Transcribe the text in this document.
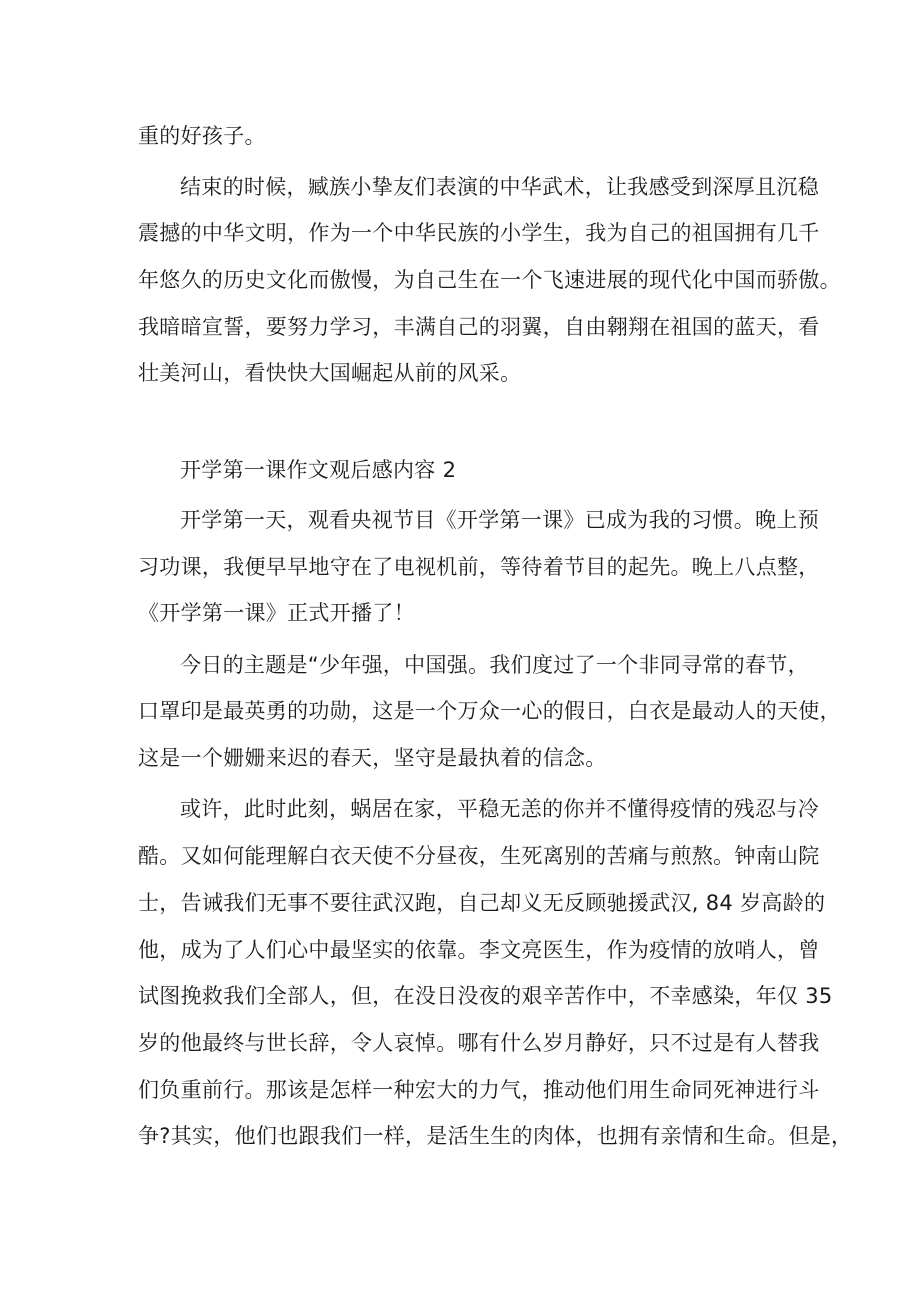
重的好孩子。
结束的时候，臧族小挚友们表演的中华武术，让我感受到深厚且沉稳
震撼的中华文明，作为一个中华民族的小学生，我为自己的祖国拥有几千
年悠久的历史文化而傲慢，为自己生在一个飞速进展的现代化中国而骄傲。
我暗暗宣誓，要努力学习，丰满自己的羽翼，自由翱翔在祖国的蓝天，看
壮美河山，看快快大国崛起从前的风采。
开学第一课作文观后感内容 2
开学第一天，观看央视节目《开学第一课》已成为我的习惯。晚上预
习功课，我便早早地守在了电视机前，等待着节目的起先。晚上八点整，
《开学第一课》正式开播了！
今日的主题是“少年强，中国强。我们度过了一个非同寻常的春节，
口罩印是最英勇的功勋，这是一个万众一心的假日，白衣是最动人的天使，
这是一个姗姗来迟的春天，坚守是最执着的信念。
或许，此时此刻，蜗居在家，平稳无恙的你并不懂得疫情的残忍与冷
酷。又如何能理解白衣天使不分昼夜，生死离别的苦痛与煎熬。钟南山院
士，告诫我们无事不要往武汉跑，自己却义无反顾驰援武汉, 84 岁高龄的
他，成为了人们心中最坚实的依靠。李文亮医生，作为疫情的放哨人，曾
试图挽救我们全部人，但，在没日没夜的艰辛苦作中，不幸感染，年仅 35
岁的他最终与世长辞，令人哀悼。哪有什么岁月静好，只不过是有人替我
们负重前行。那该是怎样一种宏大的力气，推动他们用生命同死神进行斗
争?其实，他们也跟我们一样，是活生生的肉体，也拥有亲情和生命。但是，
